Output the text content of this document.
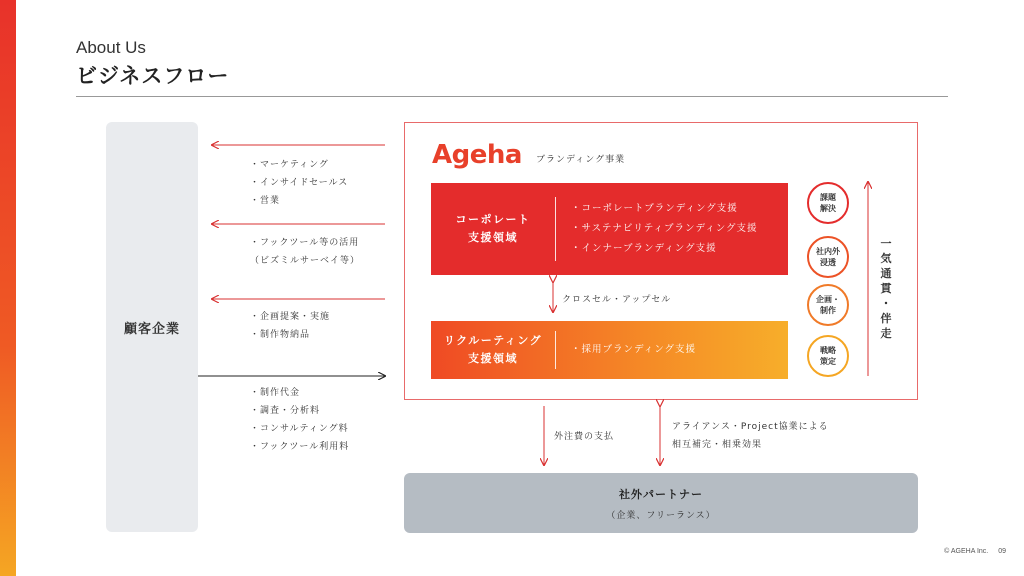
About Us
ビジネスフロー
顧客企業
・マーケティング
・インサイドセールス
・営業
・フックツール等の活用
（ビズミルサーベイ等）
・企画提案・実施
・制作物納品
・制作代金
・調査・分析料
・コンサルティング料
・フックツール利用料
Ageha ブランディング事業
コーポレート
支援領域
・コーポレートブランディング支援
・サステナビリティブランディング支援
・インナーブランディング支援
クロスセル・アップセル
リクルーティング
支援領域
・採用ブランディング支援
課題
解決
社内外
浸透
企画・
制作
戦略
策定
一
気
通
貫
・
伴
走
外注費の支払
アライアンス・Project協業による
相互補完・相乗効果
社外パートナー
（企業、フリーランス）
© AGEHA Inc. 09
